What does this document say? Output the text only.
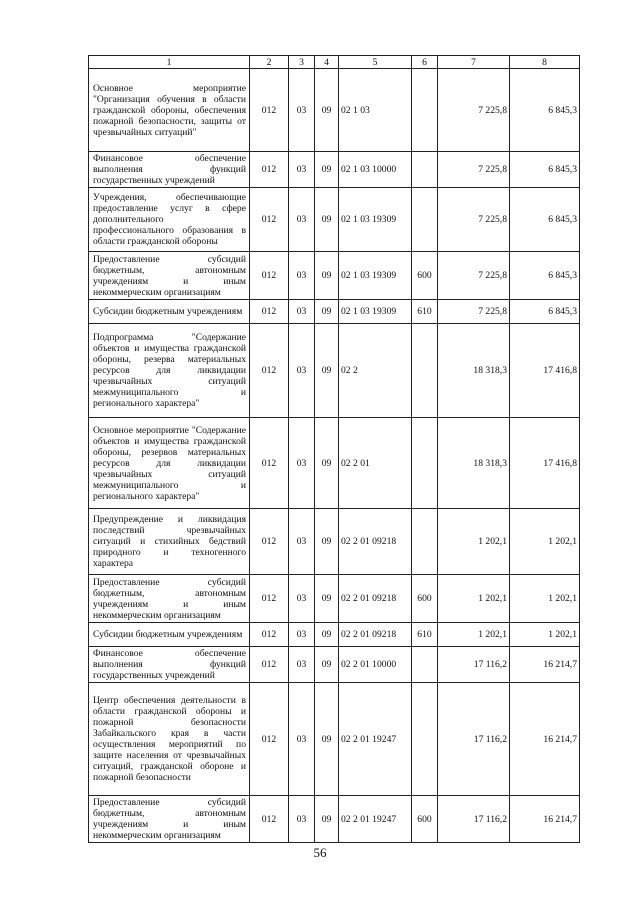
1	2	3	4	5	6	7	8
Основное мероприятие "Организация обучения в области гражданской обороны, обеспечения пожарной безопасности, защиты от чрезвычайных ситуаций"	012	03	09	02 1 03		7 225,8	6 845,3
Финансовое обеспечение выполнения функций государственных учреждений	012	03	09	02 1 03 10000		7 225,8	6 845,3
Учреждения, обеспечивающие предоставление услуг в сфере дополнительного профессионального образования в области гражданской обороны	012	03	09	02 1 03 19309		7 225,8	6 845,3
Предоставление субсидий бюджетным, автономным учреждениям и иным некоммерческим организациям	012	03	09	02 1 03 19309	600	7 225,8	6 845,3
Субсидии бюджетным учреждениям	012	03	09	02 1 03 19309	610	7 225,8	6 845,3
Подпрограмма "Содержание объектов и имущества гражданской обороны, резерва материальных ресурсов для ликвидации чрезвычайных ситуаций межмуниципального и регионального характера"	012	03	09	02 2		18 318,3	17 416,8
Основное мероприятие "Содержание объектов и имущества гражданской обороны, резервов материальных ресурсов для ликвидации чрезвычайных ситуаций межмуниципального и регионального характера"	012	03	09	02 2 01		18 318,3	17 416,8
Предупреждение и ликвидация последствий чрезвычайных ситуаций и стихийных бедствий природного и техногенного характера	012	03	09	02 2 01 09218		1 202,1	1 202,1
Предоставление субсидий бюджетным, автономным учреждениям и иным некоммерческим организациям	012	03	09	02 2 01 09218	600	1 202,1	1 202,1
Субсидии бюджетным учреждениям	012	03	09	02 2 01 09218	610	1 202,1	1 202,1
Финансовое обеспечение выполнения функций государственных учреждений	012	03	09	02 2 01 10000		17 116,2	16 214,7
Центр обеспечения деятельности в области гражданской обороны и пожарной безопасности Забайкальского края в части осуществления мероприятий по защите населения от чрезвычайных ситуаций, гражданской обороне и пожарной безопасности	012	03	09	02 2 01 19247		17 116,2	16 214,7
Предоставление субсидий бюджетным, автономным учреждениям и иным некоммерческим организациям	012	03	09	02 2 01 19247	600	17 116,2	16 214,7
56
